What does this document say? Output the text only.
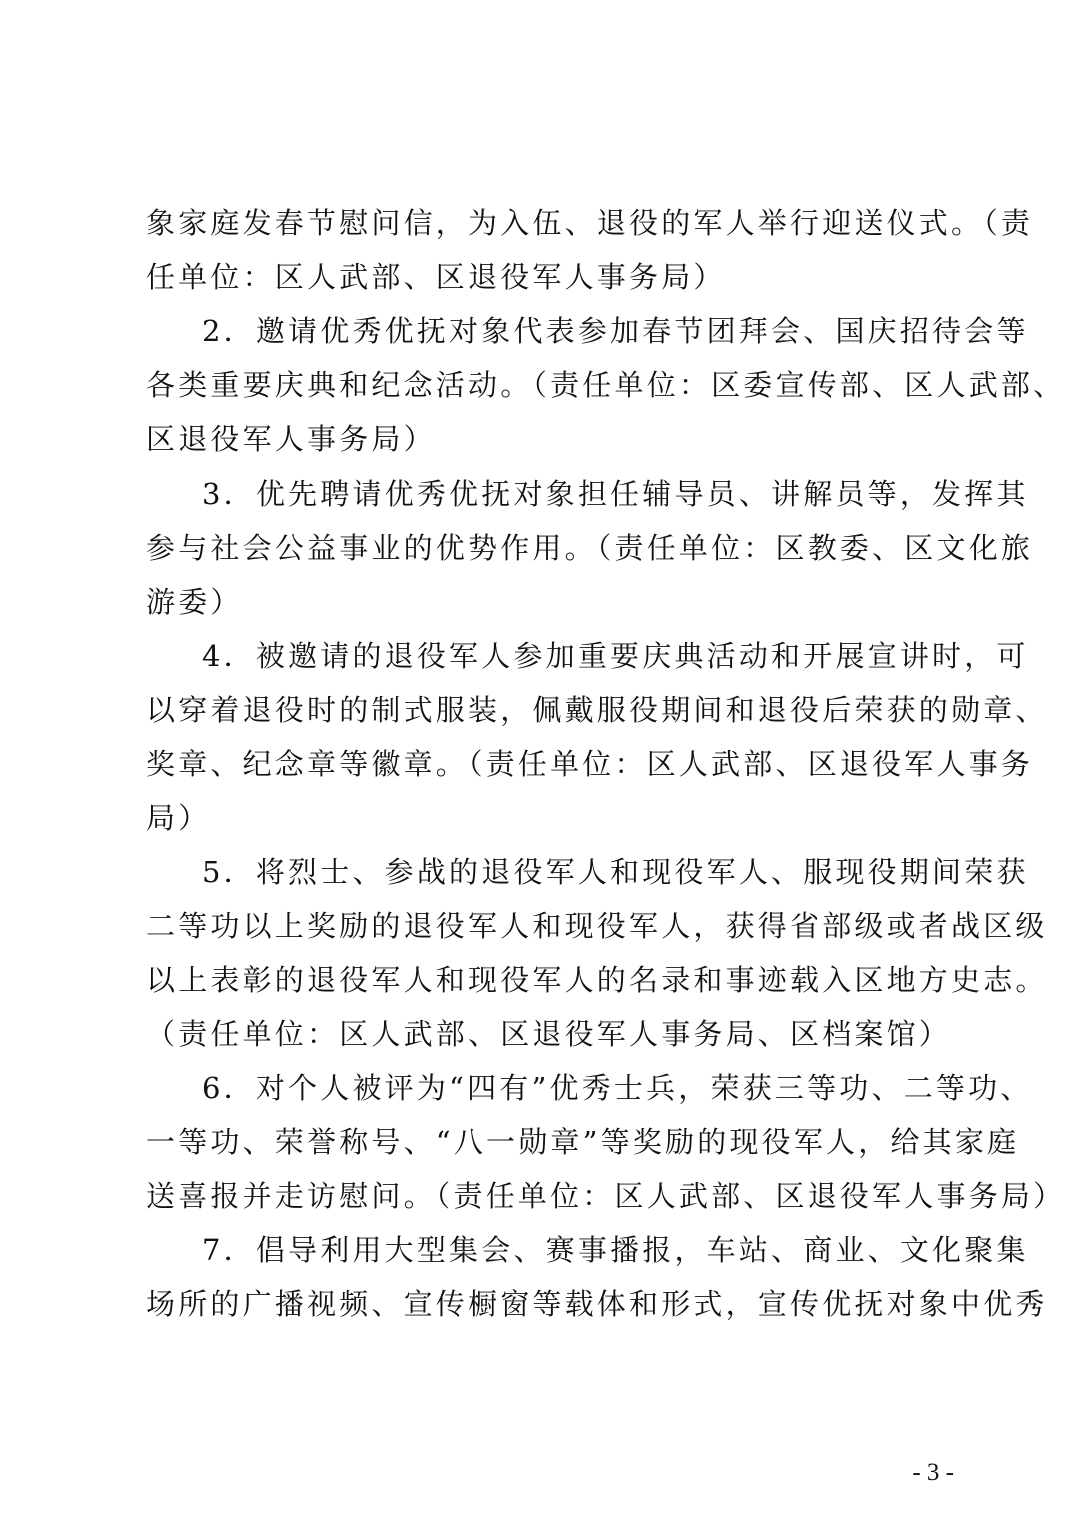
象家庭发春节慰问信，为入伍、退役的军人举行迎送仪式。（责
任单位：区人武部、区退役军人事务局）
2．邀请优秀优抚对象代表参加春节团拜会、国庆招待会等
各类重要庆典和纪念活动。（责任单位：区委宣传部、区人武部、
区退役军人事务局）
3．优先聘请优秀优抚对象担任辅导员、讲解员等，发挥其
参与社会公益事业的优势作用。（责任单位：区教委、区文化旅
游委）
4．被邀请的退役军人参加重要庆典活动和开展宣讲时，可
以穿着退役时的制式服装，佩戴服役期间和退役后荣获的勋章、
奖章、纪念章等徽章。（责任单位：区人武部、区退役军人事务
局）
5．将烈士、参战的退役军人和现役军人、服现役期间荣获
二等功以上奖励的退役军人和现役军人，获得省部级或者战区级
以上表彰的退役军人和现役军人的名录和事迹载入区地方史志。
（责任单位：区人武部、区退役军人事务局、区档案馆）
6．对个人被评为“四有”优秀士兵，荣获三等功、二等功、
一等功、荣誉称号、“八一勋章”等奖励的现役军人，给其家庭
送喜报并走访慰问。（责任单位：区人武部、区退役军人事务局）
7．倡导利用大型集会、赛事播报，车站、商业、文化聚集
场所的广播视频、宣传橱窗等载体和形式，宣传优抚对象中优秀
- 3 -
